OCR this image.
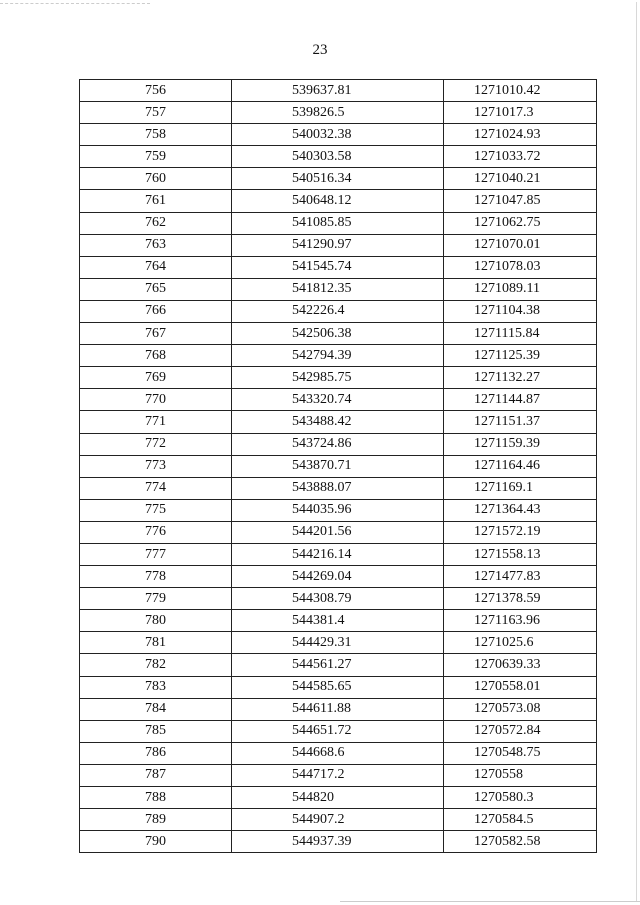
23
756	539637.81	1271010.42
757	539826.5	1271017.3
758	540032.38	1271024.93
759	540303.58	1271033.72
760	540516.34	1271040.21
761	540648.12	1271047.85
762	541085.85	1271062.75
763	541290.97	1271070.01
764	541545.74	1271078.03
765	541812.35	1271089.11
766	542226.4	1271104.38
767	542506.38	1271115.84
768	542794.39	1271125.39
769	542985.75	1271132.27
770	543320.74	1271144.87
771	543488.42	1271151.37
772	543724.86	1271159.39
773	543870.71	1271164.46
774	543888.07	1271169.1
775	544035.96	1271364.43
776	544201.56	1271572.19
777	544216.14	1271558.13
778	544269.04	1271477.83
779	544308.79	1271378.59
780	544381.4	1271163.96
781	544429.31	1271025.6
782	544561.27	1270639.33
783	544585.65	1270558.01
784	544611.88	1270573.08
785	544651.72	1270572.84
786	544668.6	1270548.75
787	544717.2	1270558
788	544820	1270580.3
789	544907.2	1270584.5
790	544937.39	1270582.58
